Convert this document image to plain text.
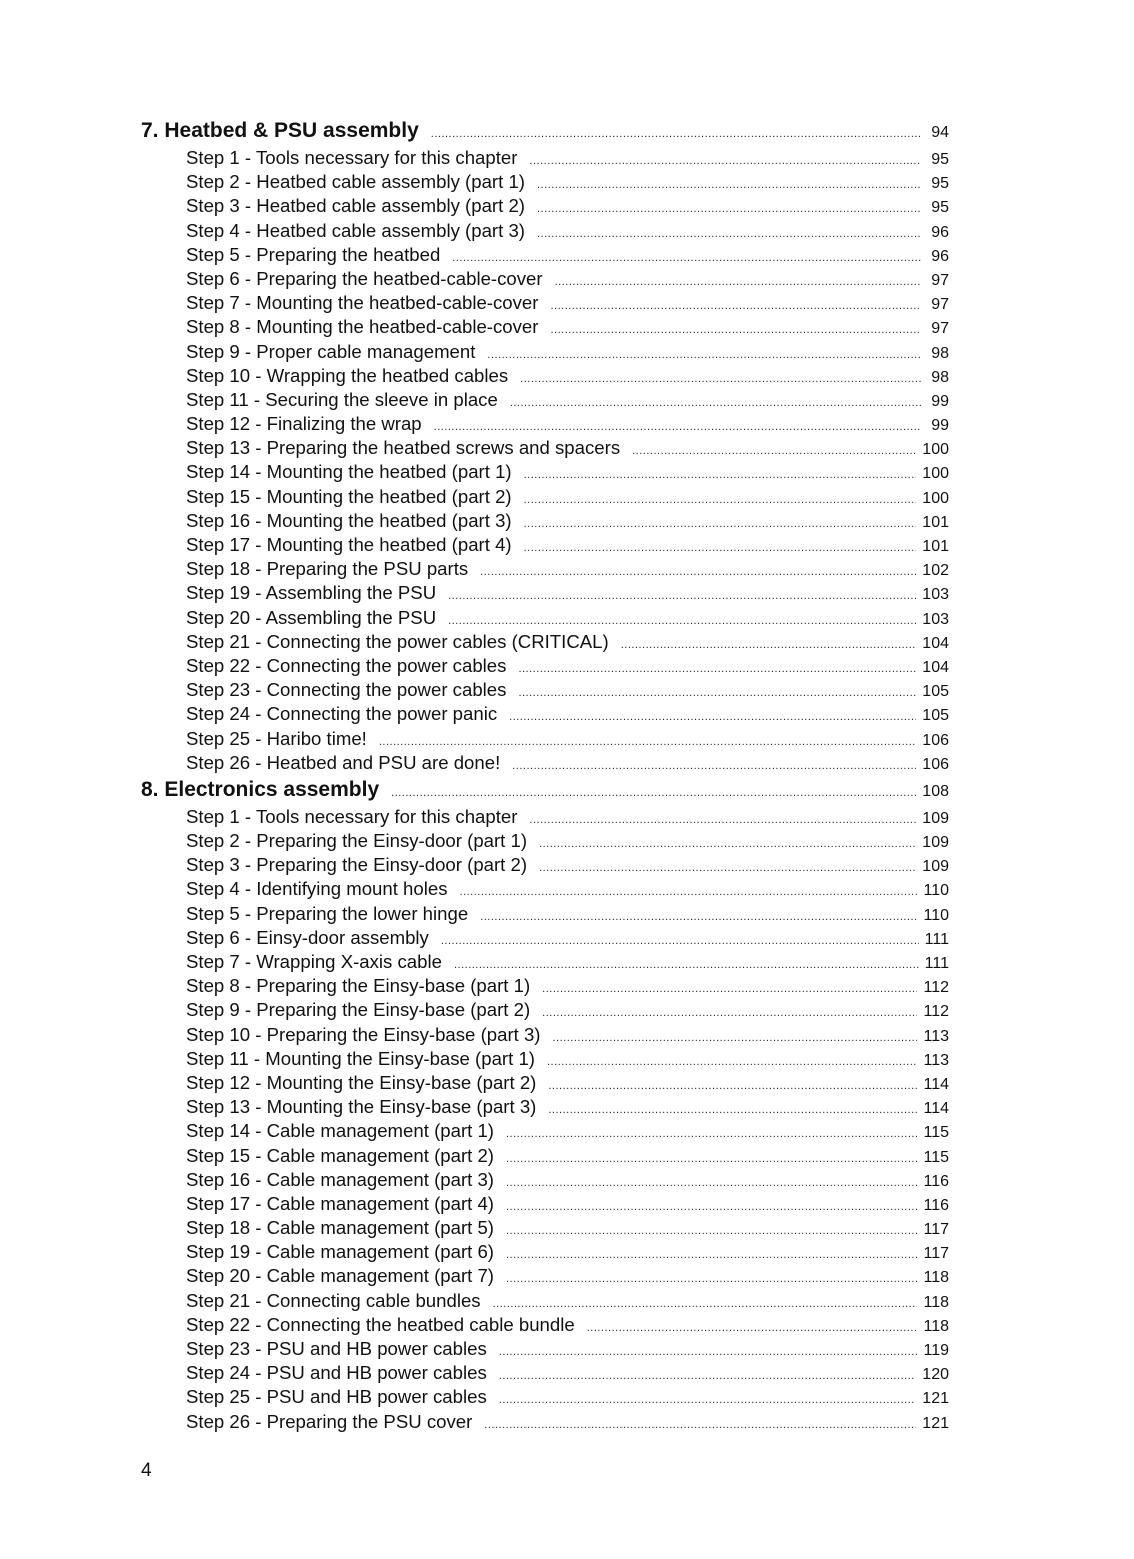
7. Heatbed & PSU assembly .....	94
Step 1 - Tools necessary for this chapter .....	95
Step 2 - Heatbed cable assembly (part 1) .....	95
Step 3 - Heatbed cable assembly (part 2) .....	95
Step 4 - Heatbed cable assembly (part 3) .....	96
Step 5 - Preparing the heatbed .....	96
Step 6 - Preparing the heatbed-cable-cover .....	97
Step 7 - Mounting the heatbed-cable-cover .....	97
Step 8 - Mounting the heatbed-cable-cover .....	97
Step 9 - Proper cable management .....	98
Step 10 - Wrapping the heatbed cables .....	98
Step 11 - Securing the sleeve in place .....	99
Step 12 - Finalizing the wrap .....	99
Step 13 - Preparing the heatbed screws and spacers .....	100
Step 14 - Mounting the heatbed (part 1) .....	100
Step 15 - Mounting the heatbed (part 2) .....	100
Step 16 - Mounting the heatbed (part 3) .....	101
Step 17 - Mounting the heatbed (part 4) .....	101
Step 18 - Preparing the PSU parts .....	102
Step 19 - Assembling the PSU .....	103
Step 20 - Assembling the PSU .....	103
Step 21 - Connecting the power cables (CRITICAL) .....	104
Step 22 - Connecting the power cables .....	104
Step 23 - Connecting the power cables .....	105
Step 24 - Connecting the power panic .....	105
Step 25 - Haribo time! .....	106
Step 26 - Heatbed and PSU are done! .....	106
8. Electronics assembly .....	108
Step 1 - Tools necessary for this chapter .....	109
Step 2 - Preparing the Einsy-door (part 1) .....	109
Step 3 - Preparing the Einsy-door (part 2) .....	109
Step 4 - Identifying mount holes .....	110
Step 5 - Preparing the lower hinge .....	110
Step 6 - Einsy-door assembly .....	111
Step 7 - Wrapping X-axis cable .....	111
Step 8 - Preparing the Einsy-base (part 1) .....	112
Step 9 - Preparing the Einsy-base (part 2) .....	112
Step 10 - Preparing the Einsy-base (part 3) .....	113
Step 11 - Mounting the Einsy-base (part 1) .....	113
Step 12 - Mounting the Einsy-base (part 2) .....	114
Step 13 - Mounting the Einsy-base (part 3) .....	114
Step 14 - Cable management (part 1) .....	115
Step 15 - Cable management (part 2) .....	115
Step 16 - Cable management (part 3) .....	116
Step 17 - Cable management (part 4) .....	116
Step 18 - Cable management (part 5) .....	117
Step 19 - Cable management (part 6) .....	117
Step 20 - Cable management (part 7) .....	118
Step 21 - Connecting cable bundles .....	118
Step 22 - Connecting the heatbed cable bundle .....	118
Step 23 - PSU and HB power cables .....	119
Step 24 - PSU and HB power cables .....	120
Step 25 - PSU and HB power cables .....	121
Step 26 - Preparing the PSU cover .....	121
4
